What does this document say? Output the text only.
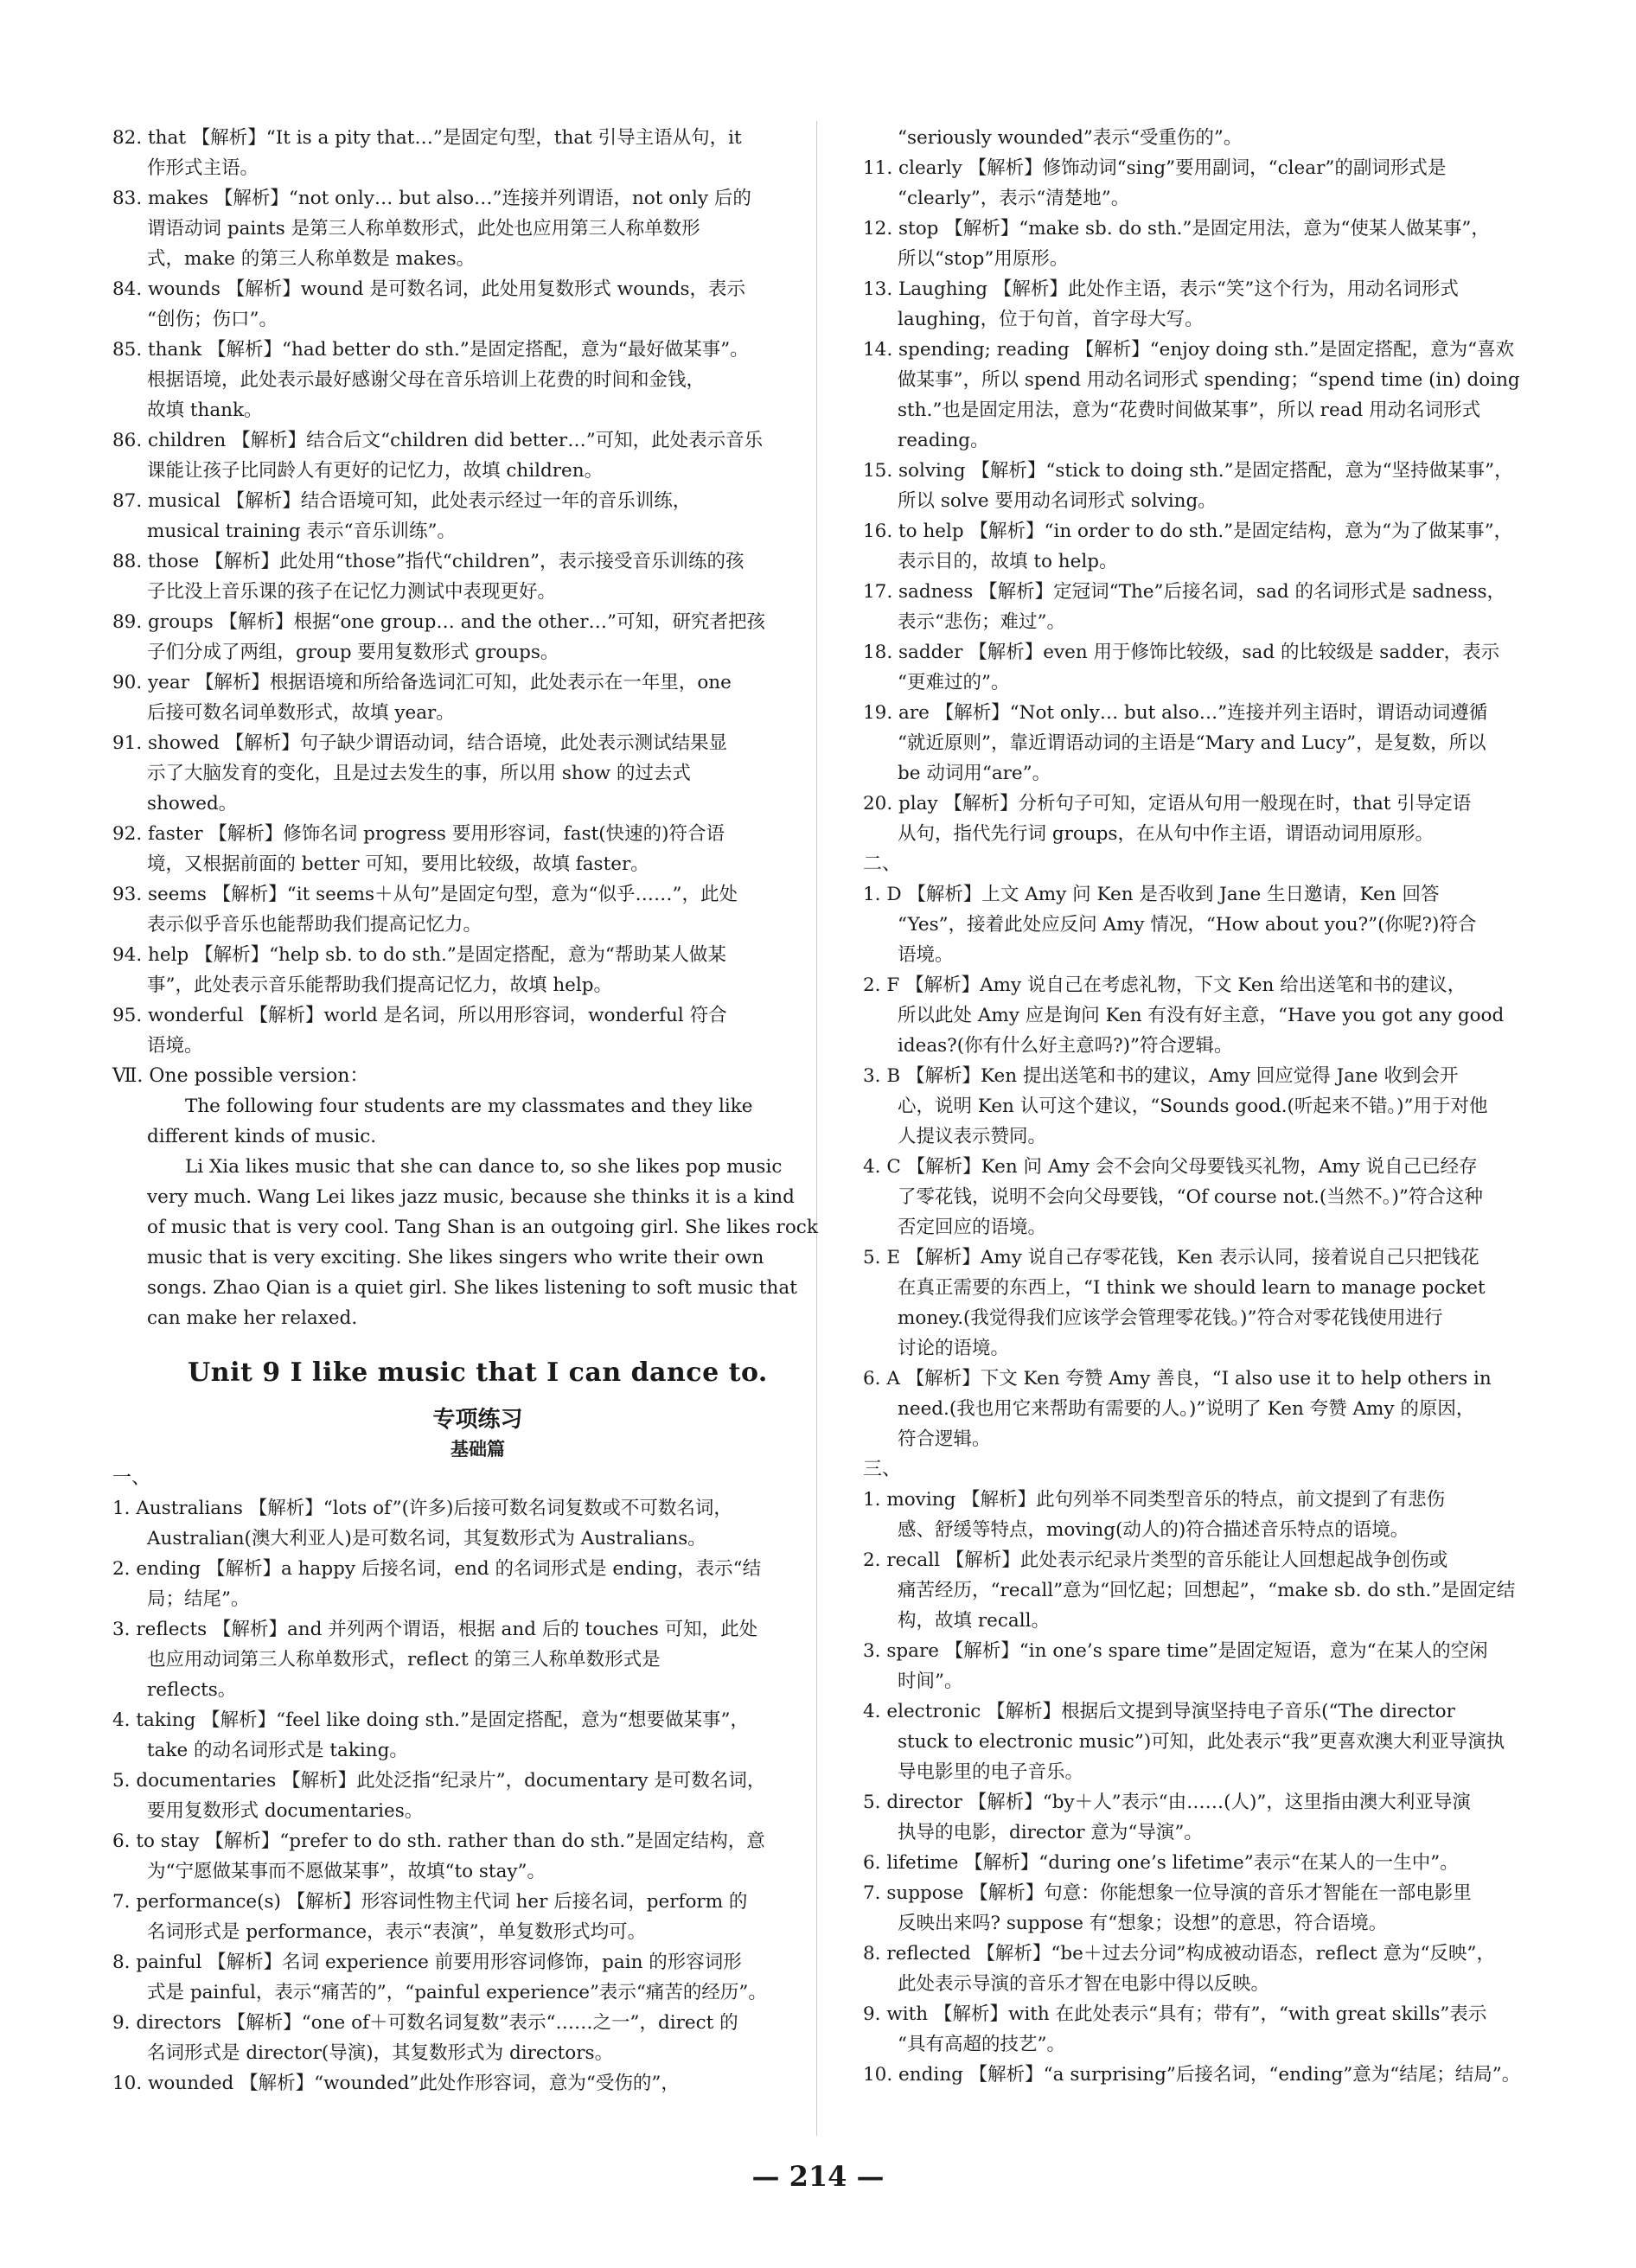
82. that 【解析】“It is a pity that…”是固定句型，that 引导主语从句，it
作形式主语。

83. makes 【解析】“not only… but also…”连接并列谓语，not only 后的
谓语动词 paints 是第三人称单数形式，此处也应用第三人称单数形
式，make 的第三人称单数是 makes。

84. wounds 【解析】wound 是可数名词，此处用复数形式 wounds，表示
“创伤；伤口”。

85. thank 【解析】“had better do sth.”是固定搭配，意为“最好做某事”。
根据语境，此处表示最好感谢父母在音乐培训上花费的时间和金钱，
故填 thank。

86. children 【解析】结合后文“children did better…”可知，此处表示音乐
课能让孩子比同龄人有更好的记忆力，故填 children。

87. musical 【解析】结合语境可知，此处表示经过一年的音乐训练，
musical training 表示“音乐训练”。

88. those 【解析】此处用“those”指代“children”，表示接受音乐训练的孩
子比没上音乐课的孩子在记忆力测试中表现更好。

89. groups 【解析】根据“one group… and the other…”可知，研究者把孩
子们分成了两组，group 要用复数形式 groups。

90. year 【解析】根据语境和所给备选词汇可知，此处表示在一年里，one
后接可数名词单数形式，故填 year。

91. showed 【解析】句子缺少谓语动词，结合语境，此处表示测试结果显
示了大脑发育的变化，且是过去发生的事，所以用 show 的过去式
showed。

92. faster 【解析】修饰名词 progress 要用形容词，fast(快速的)符合语
境，又根据前面的 better 可知，要用比较级，故填 faster。

93. seems 【解析】“it seems＋从句”是固定句型，意为“似乎……”，此处
表示似乎音乐也能帮助我们提高记忆力。

94. help 【解析】“help sb. to do sth.”是固定搭配，意为“帮助某人做某
事”，此处表示音乐能帮助我们提高记忆力，故填 help。

95. wonderful 【解析】world 是名词，所以用形容词，wonderful 符合
语境。

Ⅶ. One possible version：

The following four students are my classmates and they like
different kinds of music.

Li Xia likes music that she can dance to, so she likes pop music
very much. Wang Lei likes jazz music, because she thinks it is a kind
of music that is very cool. Tang Shan is an outgoing girl. She likes rock
music that is very exciting. She likes singers who write their own
songs. Zhao Qian is a quiet girl. She likes listening to soft music that
can make her relaxed.

Unit 9 I like music that I can dance to.
专项练习
基础篇

一、

1. Australians 【解析】“lots of”(许多)后接可数名词复数或不可数名词，
Australian(澳大利亚人)是可数名词，其复数形式为 Australians。

2. ending 【解析】a happy 后接名词，end 的名词形式是 ending，表示“结
局；结尾”。

3. reflects 【解析】and 并列两个谓语，根据 and 后的 touches 可知，此处
也应用动词第三人称单数形式，reflect 的第三人称单数形式是
reflects。

4. taking 【解析】“feel like doing sth.”是固定搭配，意为“想要做某事”，
take 的动名词形式是 taking。

5. documentaries 【解析】此处泛指“纪录片”，documentary 是可数名词，
要用复数形式 documentaries。

6. to stay 【解析】“prefer to do sth. rather than do sth.”是固定结构，意
为“宁愿做某事而不愿做某事”，故填“to stay”。

7. performance(s) 【解析】形容词性物主代词 her 后接名词，perform 的
名词形式是 performance，表示“表演”，单复数形式均可。

8. painful 【解析】名词 experience 前要用形容词修饰，pain 的形容词形
式是 painful，表示“痛苦的”，“painful experience”表示“痛苦的经历”。

9. directors 【解析】“one of＋可数名词复数”表示“……之一”，direct 的
名词形式是 director(导演)，其复数形式为 directors。

10. wounded 【解析】“wounded”此处作形容词，意为“受伤的”，

“seriously wounded”表示“受重伤的”。

11. clearly 【解析】修饰动词“sing”要用副词，“clear”的副词形式是
“clearly”，表示“清楚地”。

12. stop 【解析】“make sb. do sth.”是固定用法，意为“使某人做某事”，
所以“stop”用原形。

13. Laughing 【解析】此处作主语，表示“笑”这个行为，用动名词形式
laughing，位于句首，首字母大写。

14. spending; reading 【解析】“enjoy doing sth.”是固定搭配，意为“喜欢
做某事”，所以 spend 用动名词形式 spending；“spend time (in) doing
sth.”也是固定用法，意为“花费时间做某事”，所以 read 用动名词形式
reading。

15. solving 【解析】“stick to doing sth.”是固定搭配，意为“坚持做某事”，
所以 solve 要用动名词形式 solving。

16. to help 【解析】“in order to do sth.”是固定结构，意为“为了做某事”，
表示目的，故填 to help。

17. sadness 【解析】定冠词“The”后接名词，sad 的名词形式是 sadness，
表示“悲伤；难过”。

18. sadder 【解析】even 用于修饰比较级，sad 的比较级是 sadder，表示
“更难过的”。

19. are 【解析】“Not only… but also…”连接并列主语时，谓语动词遵循
“就近原则”，靠近谓语动词的主语是“Mary and Lucy”，是复数，所以
be 动词用“are”。

20. play 【解析】分析句子可知，定语从句用一般现在时，that 引导定语
从句，指代先行词 groups，在从句中作主语，谓语动词用原形。

二、

1. D 【解析】上文 Amy 问 Ken 是否收到 Jane 生日邀请，Ken 回答
“Yes”，接着此处应反问 Amy 情况，“How about you?”(你呢?)符合
语境。

2. F 【解析】Amy 说自己在考虑礼物，下文 Ken 给出送笔和书的建议，
所以此处 Amy 应是询问 Ken 有没有好主意，“Have you got any good
ideas?(你有什么好主意吗?)”符合逻辑。

3. B 【解析】Ken 提出送笔和书的建议，Amy 回应觉得 Jane 收到会开
心，说明 Ken 认可这个建议，“Sounds good.(听起来不错。)”用于对他
人提议表示赞同。

4. C 【解析】Ken 问 Amy 会不会向父母要钱买礼物，Amy 说自己已经存
了零花钱，说明不会向父母要钱，“Of course not.(当然不。)”符合这种
否定回应的语境。

5. E 【解析】Amy 说自己存零花钱，Ken 表示认同，接着说自己只把钱花
在真正需要的东西上，“I think we should learn to manage pocket
money.(我觉得我们应该学会管理零花钱。)”符合对零花钱使用进行
讨论的语境。

6. A 【解析】下文 Ken 夸赞 Amy 善良，“I also use it to help others in
need.(我也用它来帮助有需要的人。)”说明了 Ken 夸赞 Amy 的原因，
符合逻辑。

三、

1. moving 【解析】此句列举不同类型音乐的特点，前文提到了有悲伤
感、舒缓等特点，moving(动人的)符合描述音乐特点的语境。

2. recall 【解析】此处表示纪录片类型的音乐能让人回想起战争创伤或
痛苦经历，“recall”意为“回忆起；回想起”，“make sb. do sth.”是固定结
构，故填 recall。

3. spare 【解析】“in one’s spare time”是固定短语，意为“在某人的空闲
时间”。

4. electronic 【解析】根据后文提到导演坚持电子音乐(“The director
stuck to electronic music”)可知，此处表示“我”更喜欢澳大利亚导演执
导电影里的电子音乐。

5. director 【解析】“by＋人”表示“由……(人)”，这里指由澳大利亚导演
执导的电影，director 意为“导演”。

6. lifetime 【解析】“during one’s lifetime”表示“在某人的一生中”。

7. suppose 【解析】句意：你能想象一位导演的音乐才智能在一部电影里
反映出来吗? suppose 有“想象；设想”的意思，符合语境。

8. reflected 【解析】“be＋过去分词”构成被动语态，reflect 意为“反映”，
此处表示导演的音乐才智在电影中得以反映。

9. with 【解析】with 在此处表示“具有；带有”，“with great skills”表示
“具有高超的技艺”。

10. ending 【解析】“a surprising”后接名词，“ending”意为“结尾；结局”。

— 214 —
